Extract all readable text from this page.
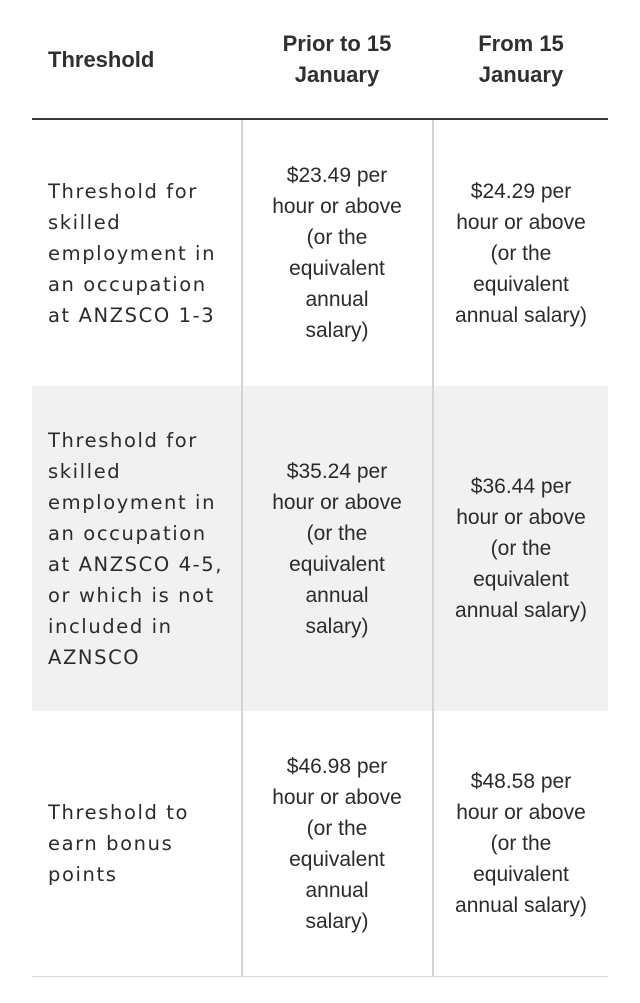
Threshold
Prior to 15
January
From 15
January
Threshold for
skilled
employment in
an occupation
at ANZSCO 1-3
$23.49 per
hour or above
(or the
equivalent
annual
salary)
$24.29 per
hour or above
(or the
equivalent
annual salary)
Threshold for
skilled
employment in
an occupation
at ANZSCO 4-5,
or which is not
included in
AZNSCO
$35.24 per
hour or above
(or the
equivalent
annual
salary)
$36.44 per
hour or above
(or the
equivalent
annual salary)
Threshold to
earn bonus
points
$46.98 per
hour or above
(or the
equivalent
annual
salary)
$48.58 per
hour or above
(or the
equivalent
annual salary)
